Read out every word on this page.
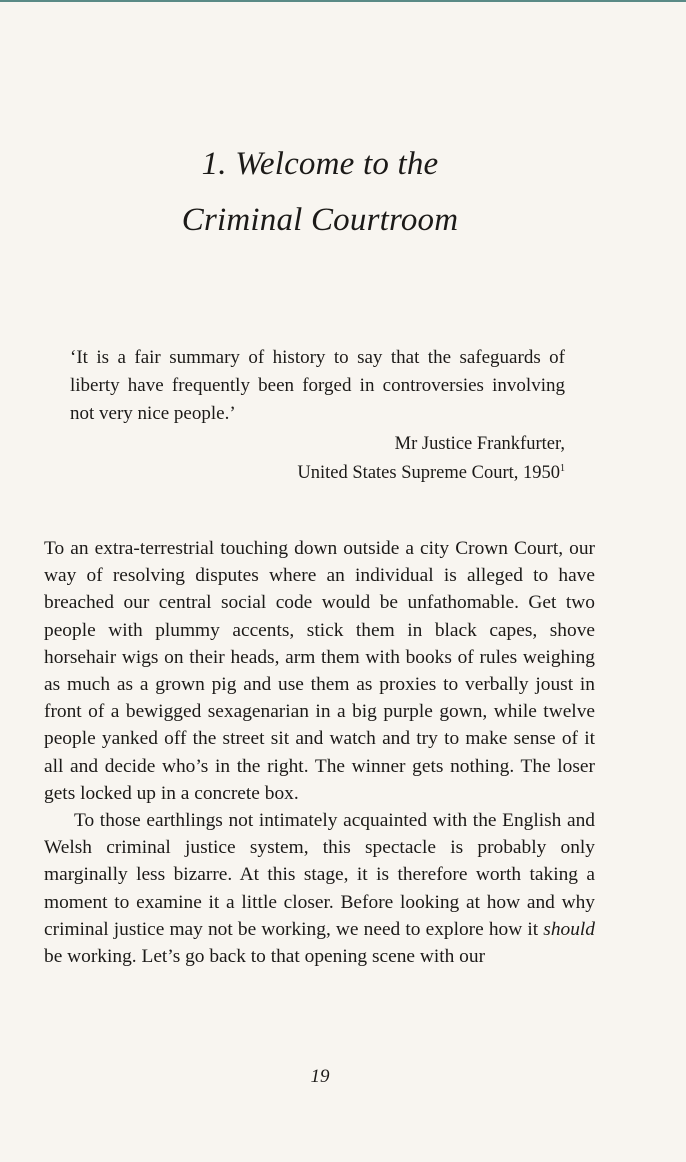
1. Welcome to the
Criminal Courtroom

‘It is a fair summary of history to say that the safeguards of liberty have frequently been forged in controversies involving not very nice people.’

Mr Justice Frankfurter,
United States Supreme Court, 1950$^1$

To an extra-terrestrial touching down outside a city Crown Court, our way of resolving disputes where an individual is alleged to have breached our central social code would be unfathomable. Get two people with plummy accents, stick them in black capes, shove horsehair wigs on their heads, arm them with books of rules weighing as much as a grown pig and use them as proxies to verbally joust in front of a bewigged sexagenarian in a big purple gown, while twelve people yanked off the street sit and watch and try to make sense of it all and decide who’s in the right. The winner gets nothing. The loser gets locked up in a concrete box.

To those earthlings not intimately acquainted with the English and Welsh criminal justice system, this spectacle is probably only marginally less bizarre. At this stage, it is therefore worth taking a moment to examine it a little closer. Before looking at how and why criminal justice may not be working, we need to explore how it should be working. Let’s go back to that opening scene with our

19
